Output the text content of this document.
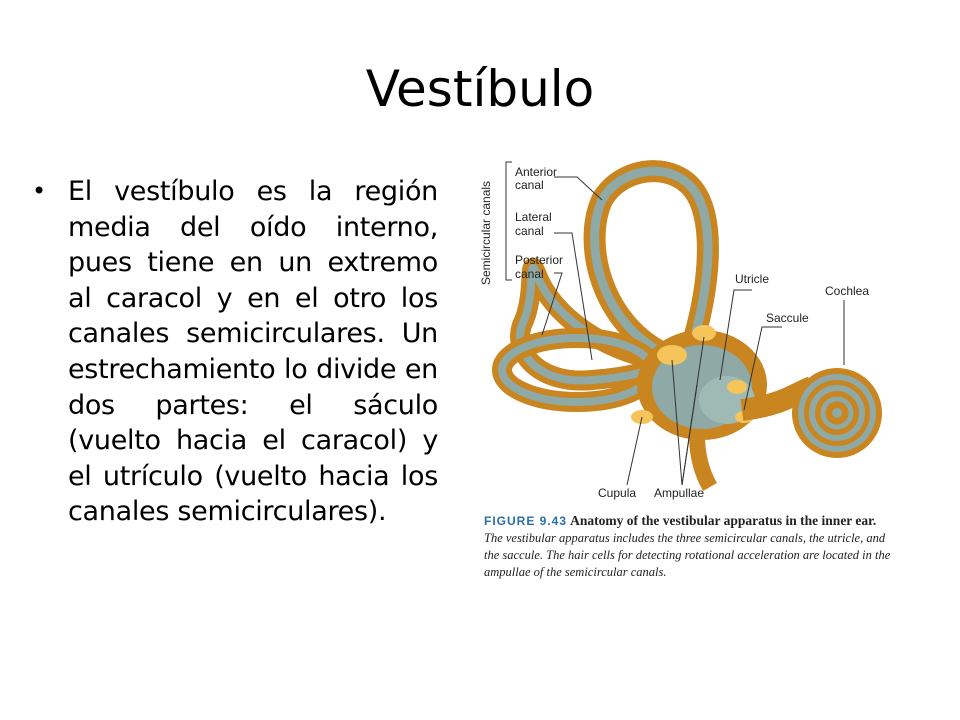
Vestíbulo
• El vestíbulo es la región media del oído interno, pues tiene en un extremo al caracol y en el otro los canales semicirculares. Un estrechamiento lo divide en dos partes: el sáculo (vuelto hacia el caracol) y el utrículo (vuelto hacia los canales semicirculares).
Semicircular canals
Anterior
canal
Lateral
canal
Posterior
canal	Utricle
Cochlea
Saccule
Cupula Ampullae
FIGURE 9.43 Anatomy of the vestibular apparatus in the inner ear. The vestibular apparatus includes the three semicircular canals, the utricle, and the saccule. The hair cells for detecting rotational acceleration are located in the ampullae of the semicircular canals.
